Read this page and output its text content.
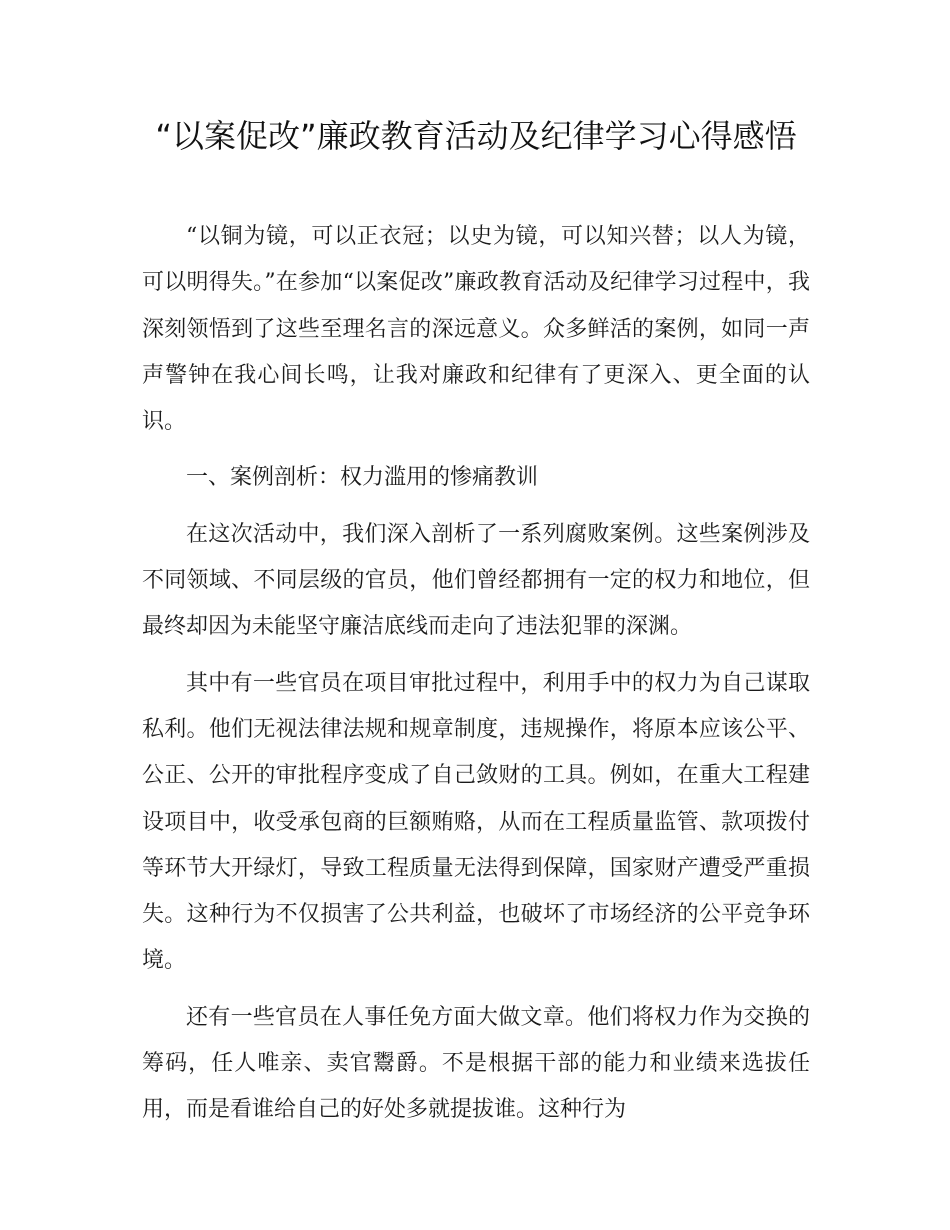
“以案促改”廉政教育活动及纪律学习心得感悟

“以铜为镜，可以正衣冠；以史为镜，可以知兴替；以人为镜，可以明得失。”在参加“以案促改”廉政教育活动及纪律学习过程中，我深刻领悟到了这些至理名言的深远意义。众多鲜活的案例，如同一声声警钟在我心间长鸣，让我对廉政和纪律有了更深入、更全面的认识。

一、案例剖析：权力滥用的惨痛教训

在这次活动中，我们深入剖析了一系列腐败案例。这些案例涉及不同领域、不同层级的官员，他们曾经都拥有一定的权力和地位，但最终却因为未能坚守廉洁底线而走向了违法犯罪的深渊。

其中有一些官员在项目审批过程中，利用手中的权力为自己谋取私利。他们无视法律法规和规章制度，违规操作，将原本应该公平、公正、公开的审批程序变成了自己敛财的工具。例如，在重大工程建设项目中，收受承包商的巨额贿赂，从而在工程质量监管、款项拨付等环节大开绿灯，导致工程质量无法得到保障，国家财产遭受严重损失。这种行为不仅损害了公共利益，也破坏了市场经济的公平竞争环境。

还有一些官员在人事任免方面大做文章。他们将权力作为交换的筹码，任人唯亲、卖官鬻爵。不是根据干部的能力和业绩来选拔任用，而是看谁给自己的好处多就提拔谁。这种行为
